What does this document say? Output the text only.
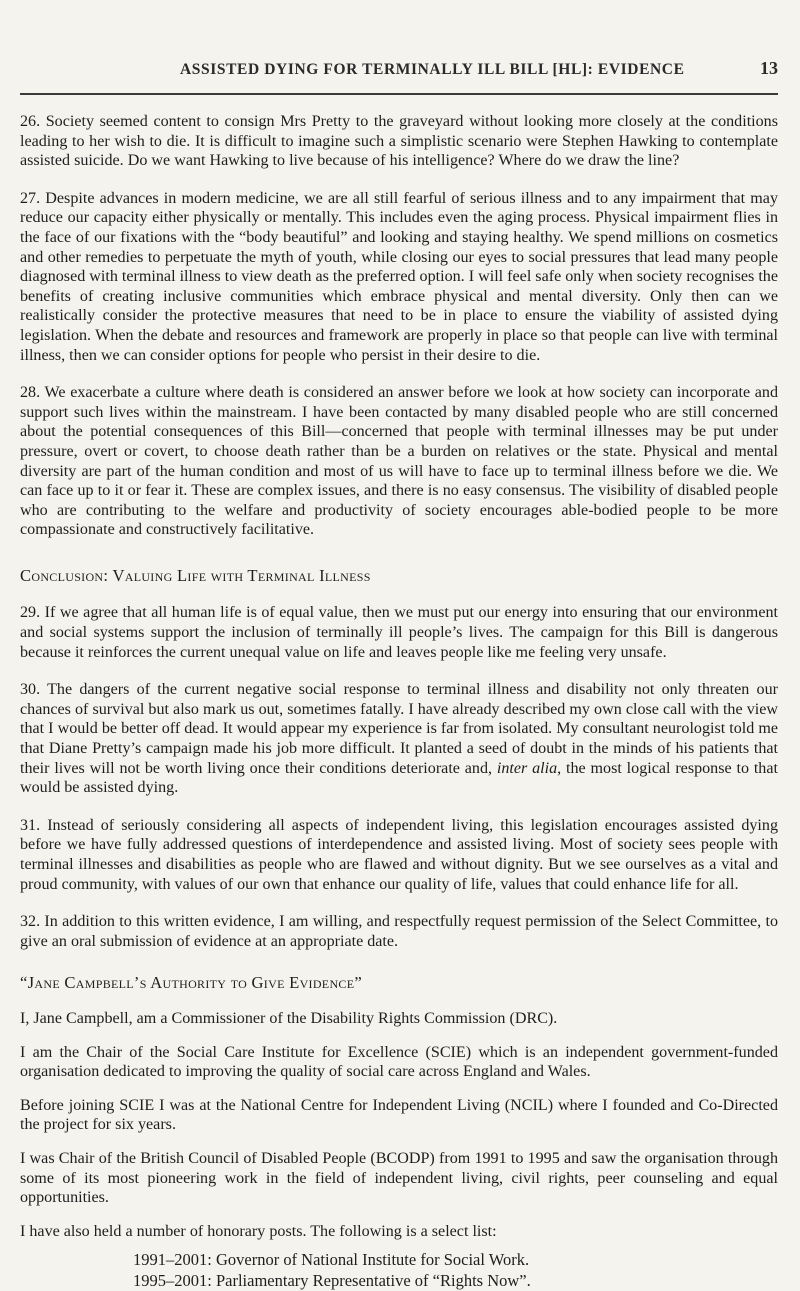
ASSISTED DYING FOR TERMINALLY ILL BILL [HL]: EVIDENCE	13

26. Society seemed content to consign Mrs Pretty to the graveyard without looking more closely at the conditions leading to her wish to die. It is difficult to imagine such a simplistic scenario were Stephen Hawking to contemplate assisted suicide. Do we want Hawking to live because of his intelligence? Where do we draw the line?

27. Despite advances in modern medicine, we are all still fearful of serious illness and to any impairment that may reduce our capacity either physically or mentally. This includes even the aging process. Physical impairment flies in the face of our fixations with the “body beautiful” and looking and staying healthy. We spend millions on cosmetics and other remedies to perpetuate the myth of youth, while closing our eyes to social pressures that lead many people diagnosed with terminal illness to view death as the preferred option. I will feel safe only when society recognises the benefits of creating inclusive communities which embrace physical and mental diversity. Only then can we realistically consider the protective measures that need to be in place to ensure the viability of assisted dying legislation. When the debate and resources and framework are properly in place so that people can live with terminal illness, then we can consider options for people who persist in their desire to die.

28. We exacerbate a culture where death is considered an answer before we look at how society can incorporate and support such lives within the mainstream. I have been contacted by many disabled people who are still concerned about the potential consequences of this Bill—concerned that people with terminal illnesses may be put under pressure, overt or covert, to choose death rather than be a burden on relatives or the state. Physical and mental diversity are part of the human condition and most of us will have to face up to terminal illness before we die. We can face up to it or fear it. These are complex issues, and there is no easy consensus. The visibility of disabled people who are contributing to the welfare and productivity of society encourages able-bodied people to be more compassionate and constructively facilitative.

Conclusion: Valuing Life with Terminal Illness

29. If we agree that all human life is of equal value, then we must put our energy into ensuring that our environment and social systems support the inclusion of terminally ill people’s lives. The campaign for this Bill is dangerous because it reinforces the current unequal value on life and leaves people like me feeling very unsafe.

30. The dangers of the current negative social response to terminal illness and disability not only threaten our chances of survival but also mark us out, sometimes fatally. I have already described my own close call with the view that I would be better off dead. It would appear my experience is far from isolated. My consultant neurologist told me that Diane Pretty’s campaign made his job more difficult. It planted a seed of doubt in the minds of his patients that their lives will not be worth living once their conditions deteriorate and, inter alia, the most logical response to that would be assisted dying.

31. Instead of seriously considering all aspects of independent living, this legislation encourages assisted dying before we have fully addressed questions of interdependence and assisted living. Most of society sees people with terminal illnesses and disabilities as people who are flawed and without dignity. But we see ourselves as a vital and proud community, with values of our own that enhance our quality of life, values that could enhance life for all.

32. In addition to this written evidence, I am willing, and respectfully request permission of the Select Committee, to give an oral submission of evidence at an appropriate date.

“Jane Campbell’s Authority to Give Evidence”

I, Jane Campbell, am a Commissioner of the Disability Rights Commission (DRC).

I am the Chair of the Social Care Institute for Excellence (SCIE) which is an independent government-funded organisation dedicated to improving the quality of social care across England and Wales.

Before joining SCIE I was at the National Centre for Independent Living (NCIL) where I founded and Co-Directed the project for six years.

I was Chair of the British Council of Disabled People (BCODP) from 1991 to 1995 and saw the organisation through some of its most pioneering work in the field of independent living, civil rights, peer counseling and equal opportunities.

I have also held a number of honorary posts. The following is a select list:

1991–2001: Governor of National Institute for Social Work.
1995–2001: Parliamentary Representative of “Rights Now”.
